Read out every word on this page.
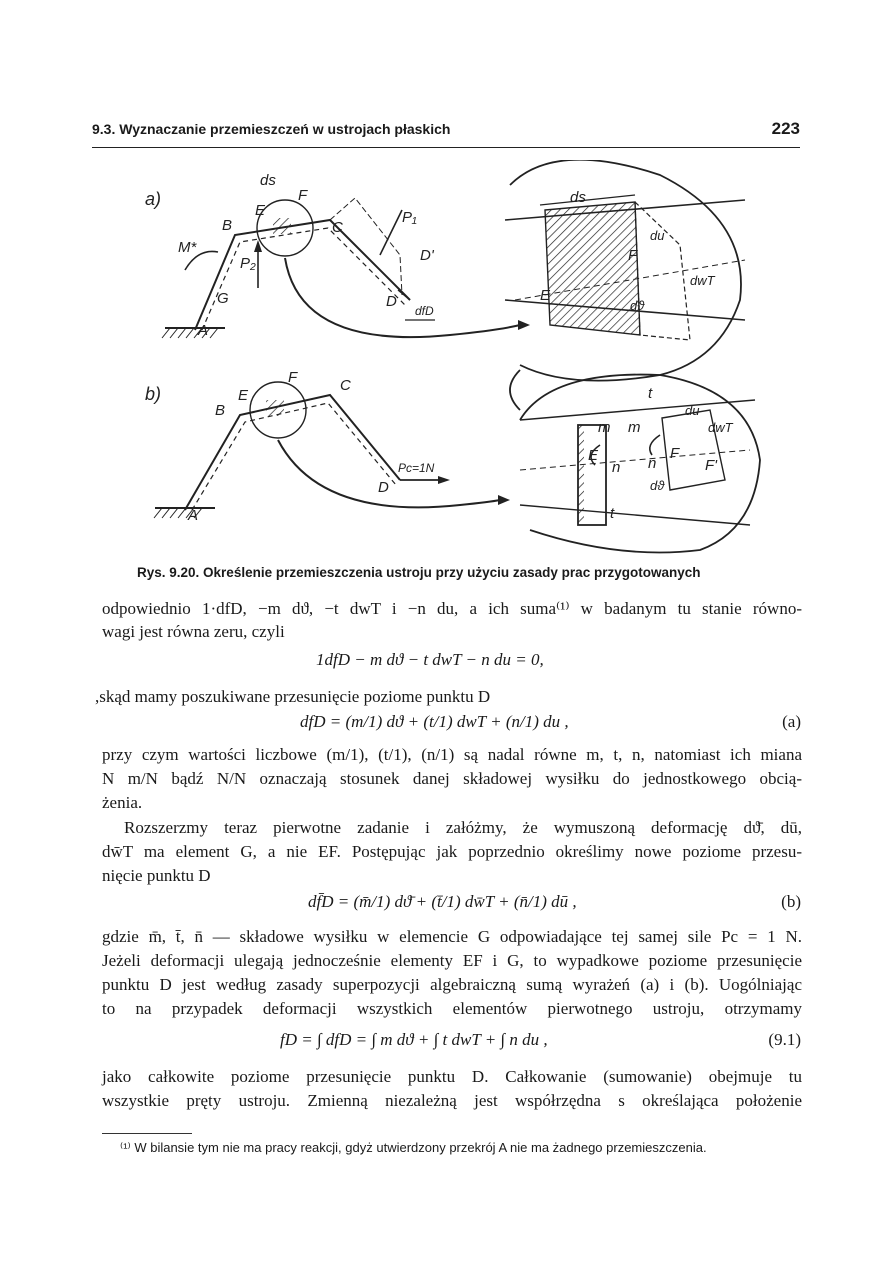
9.3. Wyznaczanie przemieszczeń w ustrojach płaskich	223
a)
b)
ds
E
F
B	C
P₁
D'
D
dfD
M*
P₂
G
A
E
F
B
C
Pc=1N
D
A
ds
du
dwT
dϑ
E
F
t
m m
du
dwT
E
n n
F
F'
dϑ
t
Rys. 9.20. Określenie przemieszczenia ustroju przy użyciu zasady prac przygotowanych
odpowiednio 1·dfD, −m dϑ, −t dwT i −n du, a ich suma⁽¹⁾ w badanym tu stanie równo-
wagi jest równa zeru, czyli
1dfD − m dϑ − t dwT − n du = 0,
,skąd mamy poszukiwane przesunięcie poziome punktu D
dfD = (m/1) dϑ + (t/1) dwT + (n/1) du ,	(a)
przy czym wartości liczbowe (m/1), (t/1), (n/1) są nadal równe m, t, n, natomiast ich miana
N m/N bądź N/N oznaczają stosunek danej składowej wysiłku do jednostkowego obcią-
żenia.
Rozszerzmy teraz pierwotne zadanie i załóżmy, że wymuszoną deformację dϑ̄, dū,
dw̄T ma element G, a nie EF. Postępując jak poprzednio określimy nowe poziome przesu-
nięcie punktu D
df̄D = (m̄/1) dϑ̄ + (t̄/1) dw̄T + (n̄/1) dū ,	(b)
gdzie m̄, t̄, n̄ — składowe wysiłku w elemencie G odpowiadające tej samej sile Pc = 1 N.
Jeżeli deformacji ulegają jednocześnie elementy EF i G, to wypadkowe poziome przesunięcie
punktu D jest według zasady superpozycji algebraiczną sumą wyrażeń (a) i (b). Uogólniając
to na przypadek deformacji wszystkich elementów pierwotnego ustroju, otrzymamy
fD = ∫ dfD = ∫ m dϑ + ∫ t dwT + ∫ n du ,	(9.1)
jako całkowite poziome przesunięcie punktu D. Całkowanie (sumowanie) obejmuje tu
wszystkie pręty ustroju. Zmienną niezależną jest współrzędna s określająca położenie
⁽¹⁾ W bilansie tym nie ma pracy reakcji, gdyż utwierdzony przekrój A nie ma żadnego przemieszczenia.
